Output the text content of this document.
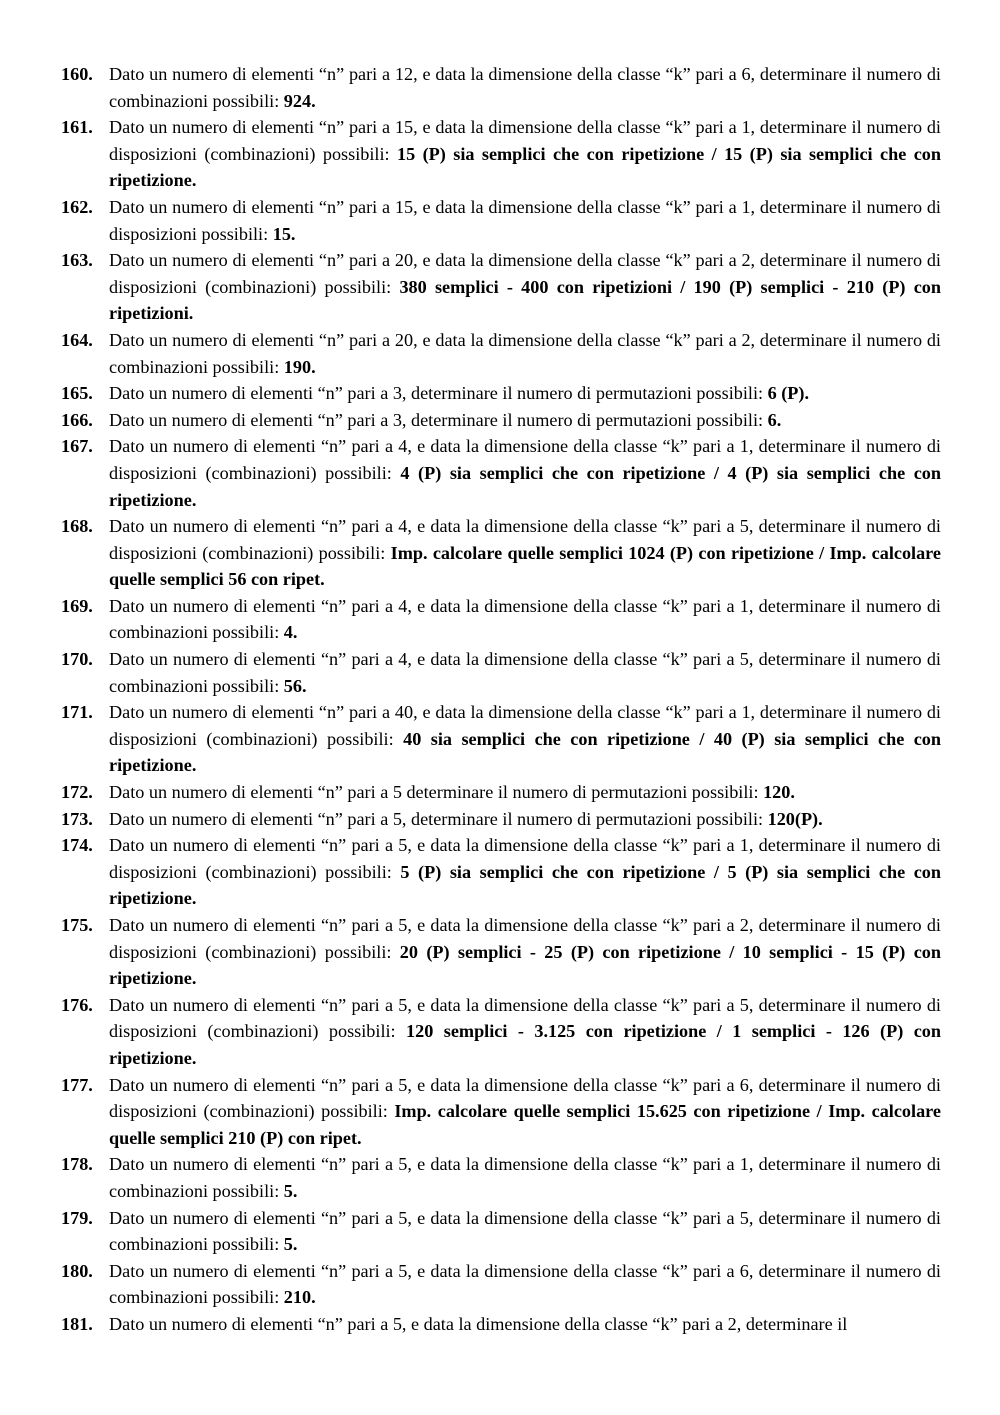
160. Dato un numero di elementi “n” pari a 12, e data la dimensione della classe “k” pari a 6, determinare il numero di combinazioni possibili: 924.
161. Dato un numero di elementi “n” pari a 15, e data la dimensione della classe “k” pari a 1, determinare il numero di disposizioni (combinazioni) possibili: 15 (P) sia semplici che con ripetizione / 15 (P) sia semplici che con ripetizione.
162. Dato un numero di elementi “n” pari a 15, e data la dimensione della classe “k” pari a 1, determinare il numero di disposizioni possibili: 15.
163. Dato un numero di elementi “n” pari a 20, e data la dimensione della classe “k” pari a 2, determinare il numero di disposizioni (combinazioni) possibili: 380 semplici - 400 con ripetizioni / 190 (P) semplici - 210 (P) con ripetizioni.
164. Dato un numero di elementi “n” pari a 20, e data la dimensione della classe “k” pari a 2, determinare il numero di combinazioni possibili: 190.
165. Dato un numero di elementi “n” pari a 3, determinare il numero di permutazioni possibili: 6 (P).
166. Dato un numero di elementi “n” pari a 3, determinare il numero di permutazioni possibili: 6.
167. Dato un numero di elementi “n” pari a 4, e data la dimensione della classe “k” pari a 1, determinare il numero di disposizioni (combinazioni) possibili: 4 (P) sia semplici che con ripetizione / 4 (P) sia semplici che con ripetizione.
168. Dato un numero di elementi “n” pari a 4, e data la dimensione della classe “k” pari a 5, determinare il numero di disposizioni (combinazioni) possibili: Imp. calcolare quelle semplici 1024 (P) con ripetizione / Imp. calcolare quelle semplici 56 con ripet.
169. Dato un numero di elementi “n” pari a 4, e data la dimensione della classe “k” pari a 1, determinare il numero di combinazioni possibili: 4.
170. Dato un numero di elementi “n” pari a 4, e data la dimensione della classe “k” pari a 5, determinare il numero di combinazioni possibili: 56.
171. Dato un numero di elementi “n” pari a 40, e data la dimensione della classe “k” pari a 1, determinare il numero di disposizioni (combinazioni) possibili: 40 sia semplici che con ripetizione / 40 (P) sia semplici che con ripetizione.
172. Dato un numero di elementi “n” pari a 5 determinare il numero di permutazioni possibili: 120.
173. Dato un numero di elementi “n” pari a 5, determinare il numero di permutazioni possibili: 120(P).
174. Dato un numero di elementi “n” pari a 5, e data la dimensione della classe “k” pari a 1, determinare il numero di disposizioni (combinazioni) possibili: 5 (P) sia semplici che con ripetizione / 5 (P) sia semplici che con ripetizione.
175. Dato un numero di elementi “n” pari a 5, e data la dimensione della classe “k” pari a 2, determinare il numero di disposizioni (combinazioni) possibili: 20 (P) semplici - 25 (P) con ripetizione / 10 semplici - 15 (P) con ripetizione.
176. Dato un numero di elementi “n” pari a 5, e data la dimensione della classe “k” pari a 5, determinare il numero di disposizioni (combinazioni) possibili: 120 semplici - 3.125 con ripetizione / 1 semplici - 126 (P) con ripetizione.
177. Dato un numero di elementi “n” pari a 5, e data la dimensione della classe “k” pari a 6, determinare il numero di disposizioni (combinazioni) possibili: Imp. calcolare quelle semplici 15.625 con ripetizione / Imp. calcolare quelle semplici 210 (P) con ripet.
178. Dato un numero di elementi “n” pari a 5, e data la dimensione della classe “k” pari a 1, determinare il numero di combinazioni possibili: 5.
179. Dato un numero di elementi “n” pari a 5, e data la dimensione della classe “k” pari a 5, determinare il numero di combinazioni possibili: 5.
180. Dato un numero di elementi “n” pari a 5, e data la dimensione della classe “k” pari a 6, determinare il numero di combinazioni possibili: 210.
181. Dato un numero di elementi “n” pari a 5, e data la dimensione della classe “k” pari a 2, determinare il
